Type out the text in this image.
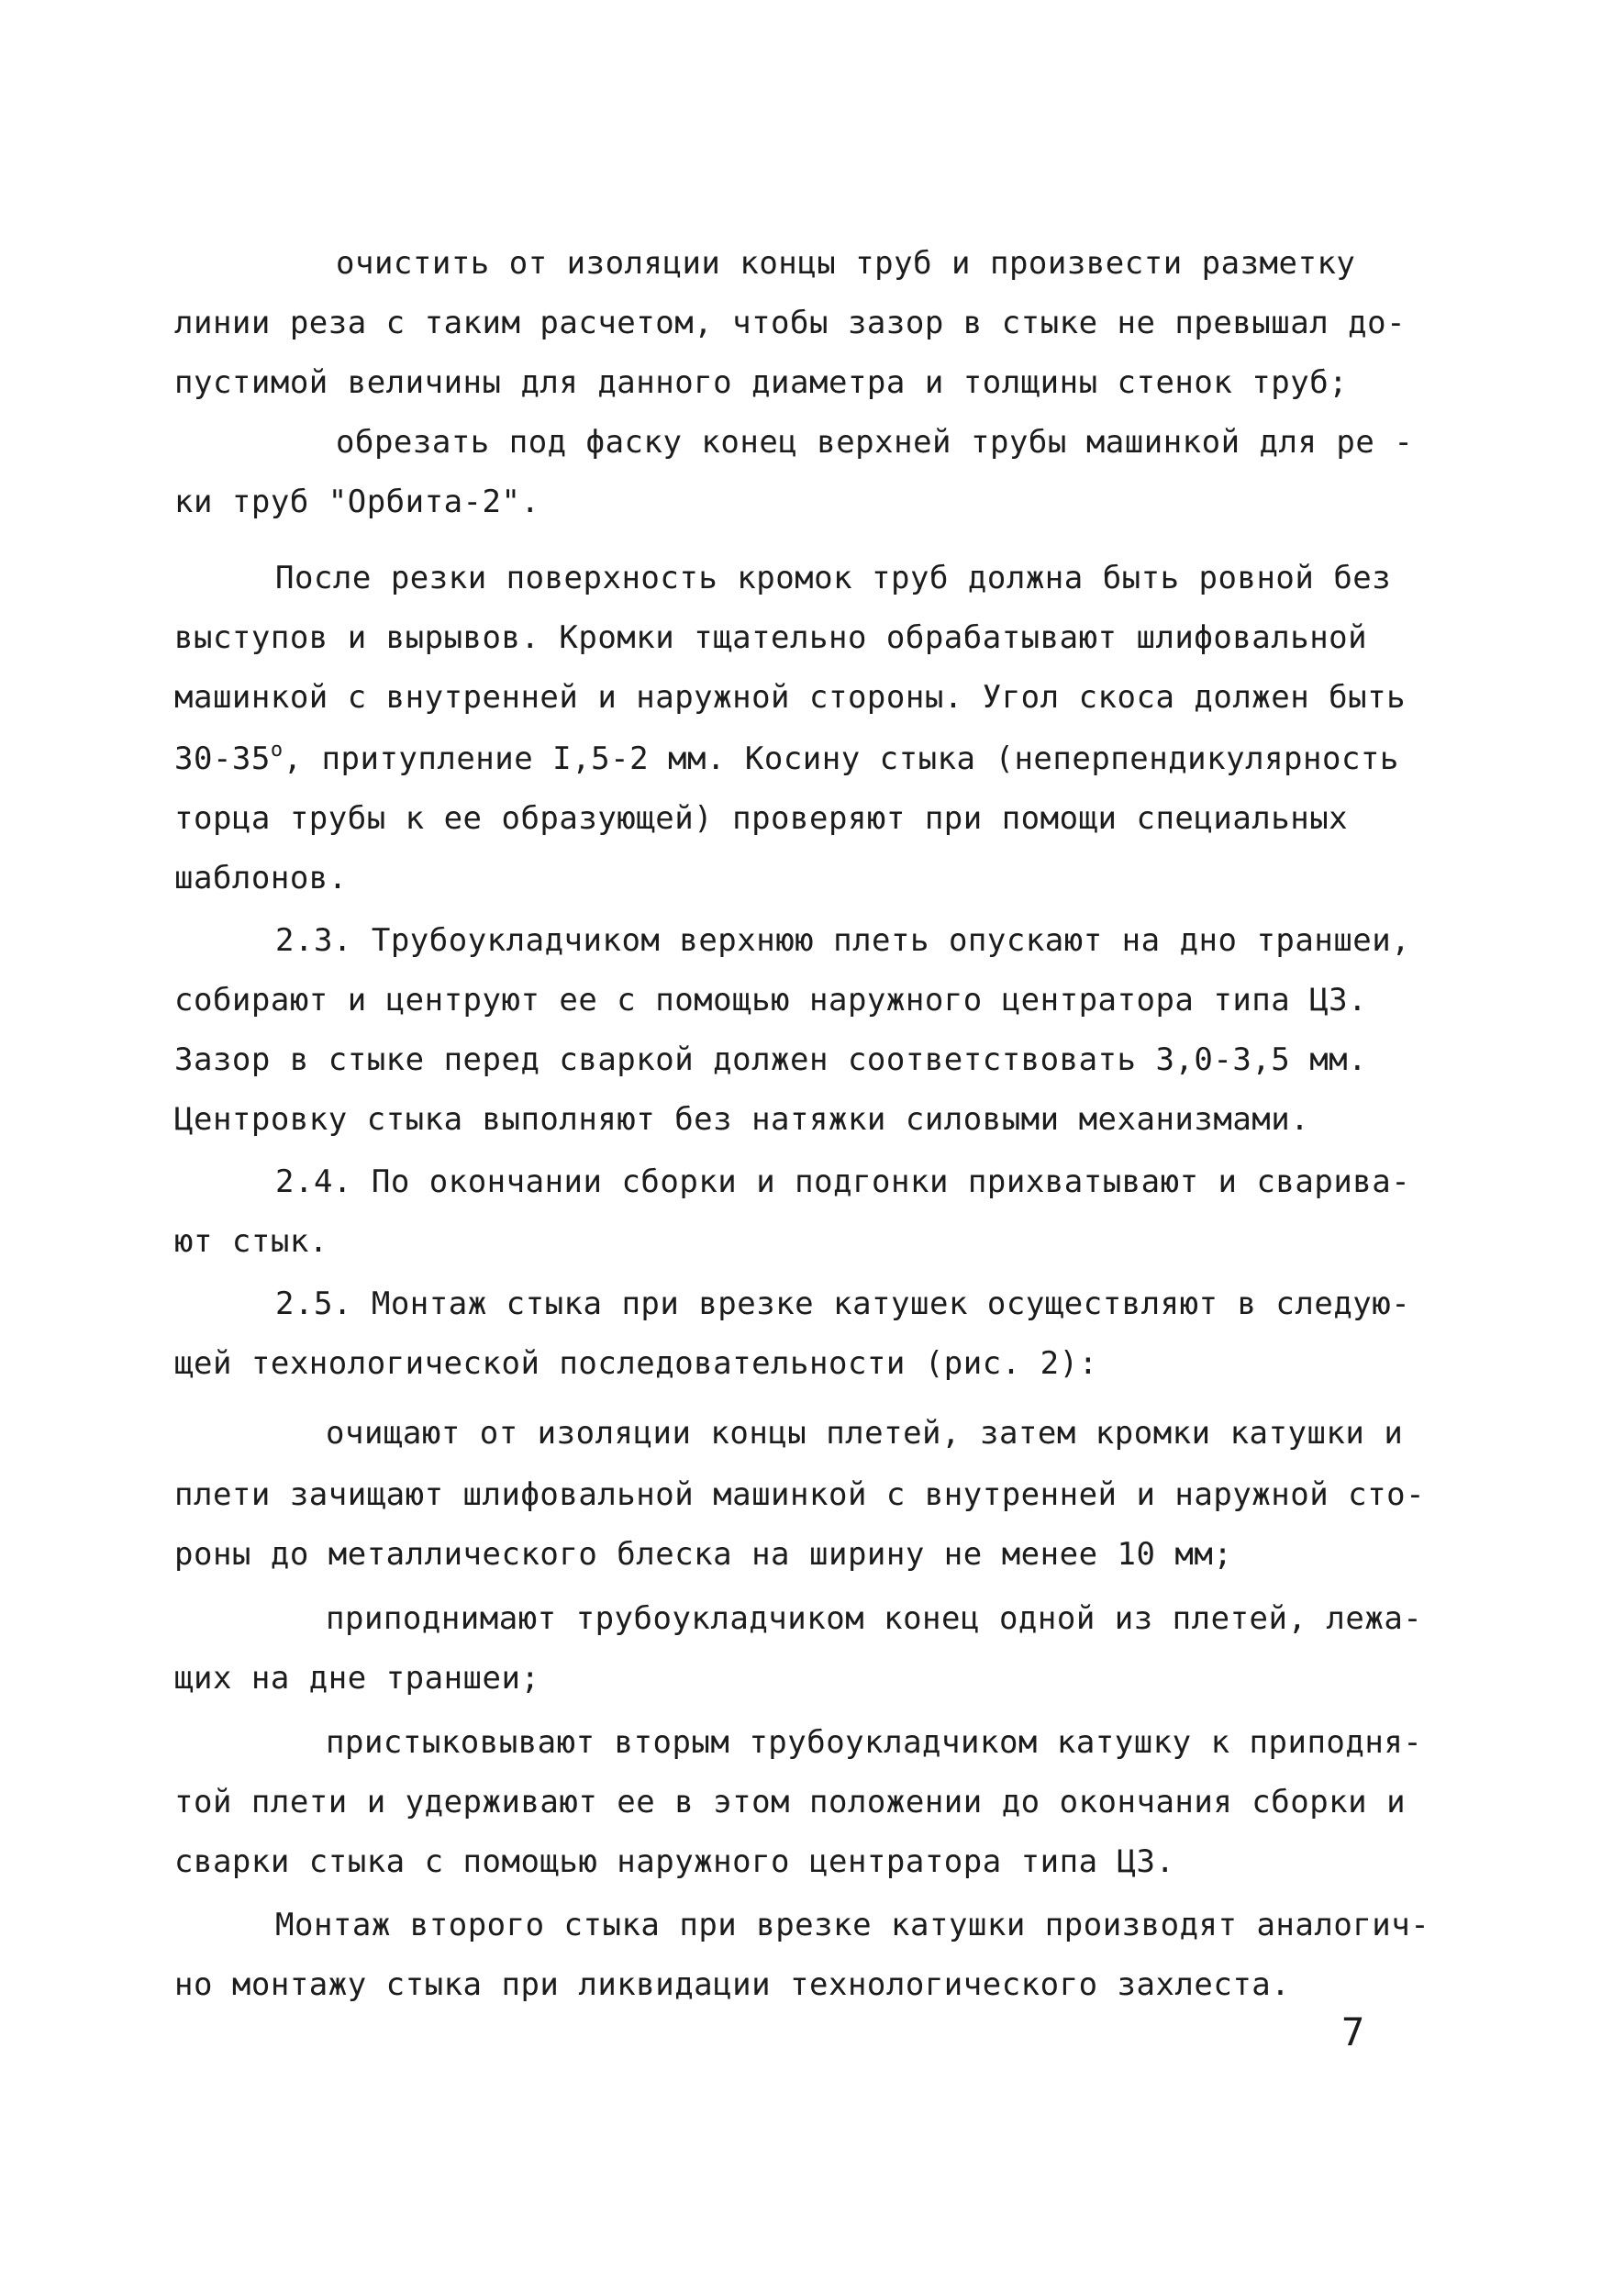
очистить от изоляции концы труб и произвести разметку
линии реза с таким расчетом, чтобы зазор в стыке не превышал до-
пустимой величины для данного диаметра и толщины стенок труб;
обрезать под фаску конец верхней трубы машинкой для ре -
ки труб "Орбита-2".
После резки поверхность кромок труб должна быть ровной без
выступов и вырывов. Кромки тщательно обрабатывают шлифовальной
машинкой с внутренней и наружной стороны. Угол скоса должен быть
$30-35^о$, притупление I,5-2 мм. Косину стыка (неперпендикулярность
торца трубы к ее образующей) проверяют при помощи специальных
шаблонов.
2.3. Трубоукладчиком верхнюю плеть опускают на дно траншеи,
собирают и центруют ее с помощью наружного центратора типа ЦЗ.
Зазор в стыке перед сваркой должен соответствовать 3,0-3,5 мм.
Центровку стыка выполняют без натяжки силовыми механизмами.
2.4. По окончании сборки и подгонки прихватывают и сварива-
ют стык.
2.5. Монтаж стыка при врезке катушек осуществляют в следую-
щей технологической последовательности (рис. 2):
очищают от изоляции концы плетей, затем кромки катушки и
плети зачищают шлифовальной машинкой с внутренней и наружной сто-
роны до металлического блеска на ширину не менее 10 мм;
приподнимают трубоукладчиком конец одной из плетей, лежа-
щих на дне траншеи;
пристыковывают вторым трубоукладчиком катушку к приподня-
той плети и удерживают ее в этом положении до окончания сборки и
сварки стыка с помощью наружного центратора типа ЦЗ.
Монтаж второго стыка при врезке катушки производят аналогич-
но монтажу стыка при ликвидации технологического захлеста.
7
